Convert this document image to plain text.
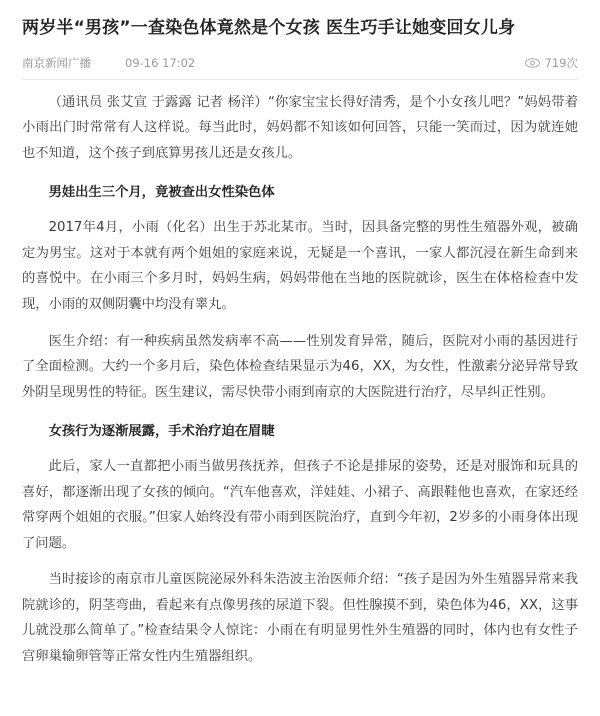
两岁半“男孩”一查染色体竟然是个女孩 医生巧手让她变回女儿身
南京新闻广播	09-16 17:02	719次

（通讯员 张艾宣 于露露 记者 杨洋）“你家宝宝长得好清秀，是个小女孩儿吧？”妈妈带着小雨出门时常常有人这样说。每当此时，妈妈都不知该如何回答，只能一笑而过，因为就连她也不知道，这个孩子到底算男孩儿还是女孩儿。

男娃出生三个月，竟被查出女性染色体

2017年4月，小雨（化名）出生于苏北某市。当时，因具备完整的男性生殖器外观，被确定为男宝。这对于本就有两个姐姐的家庭来说，无疑是一个喜讯，一家人都沉浸在新生命到来的喜悦中。在小雨三个多月时，妈妈生病，妈妈带他在当地的医院就诊，医生在体格检查中发现，小雨的双侧阴囊中均没有睾丸。

医生介绍：有一种疾病虽然发病率不高——性别发育异常，随后，医院对小雨的基因进行了全面检测。大约一个多月后，染色体检查结果显示为46，XX，为女性，性激素分泌异常导致外阴呈现男性的特征。医生建议，需尽快带小雨到南京的大医院进行治疗，尽早纠正性别。

女孩行为逐渐展露，手术治疗迫在眉睫

此后，家人一直都把小雨当做男孩抚养，但孩子不论是排尿的姿势，还是对服饰和玩具的喜好，都逐渐出现了女孩的倾向。“汽车他喜欢，洋娃娃、小裙子、高跟鞋他也喜欢，在家还经常穿两个姐姐的衣服。”但家人始终没有带小雨到医院治疗，直到今年初，2岁多的小雨身体出现了问题。

当时接诊的南京市儿童医院泌尿外科朱浩波主治医师介绍：“孩子是因为外生殖器异常来我院就诊的，阴茎弯曲，看起来有点像男孩的尿道下裂。但性腺摸不到，染色体为46，XX，这事儿就没那么简单了。”检查结果令人惊诧：小雨在有明显男性外生殖器的同时，体内也有女性子宫卵巢输卵管等正常女性内生殖器组织。
